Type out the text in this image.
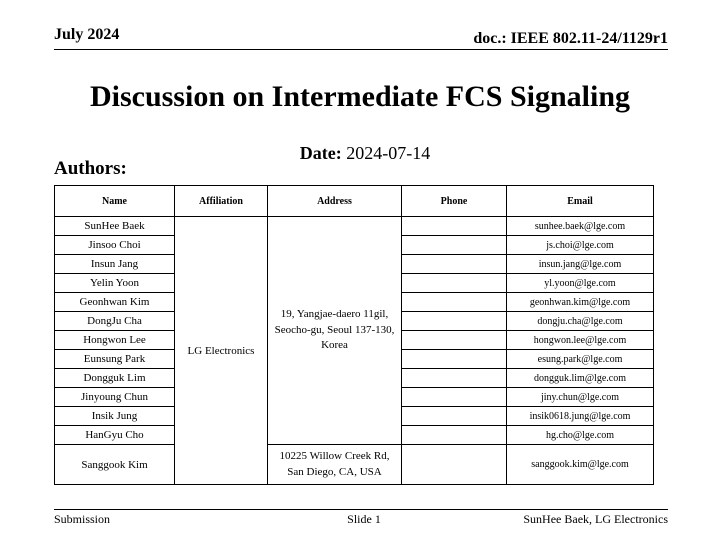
July 2024	doc.: IEEE 802.11-24/1129r1
Discussion on Intermediate FCS Signaling
Date: 2024-07-14
Authors:
Name	Affiliation	Address	Phone	Email
SunHee Baek	LG Electronics	19, Yangjae-daero 11gil, Seocho-gu, Seoul 137-130, Korea		sunhee.baek@lge.com
Jinsoo Choi				js.choi@lge.com
Insun Jang				insun.jang@lge.com
Yelin Yoon				yl.yoon@lge.com
Geonhwan Kim				geonhwan.kim@lge.com
DongJu Cha				dongju.cha@lge.com
Hongwon Lee				hongwon.lee@lge.com
Eunsung Park				esung.park@lge.com
Dongguk Lim				dongguk.lim@lge.com
Jinyoung Chun				jiny.chun@lge.com
Insik Jung				insik0618.jung@lge.com
HanGyu Cho				hg.cho@lge.com
Sanggook Kim		10225 Willow Creek Rd, San Diego, CA, USA		sanggook.kim@lge.com
Submission	Slide 1	SunHee Baek, LG Electronics
